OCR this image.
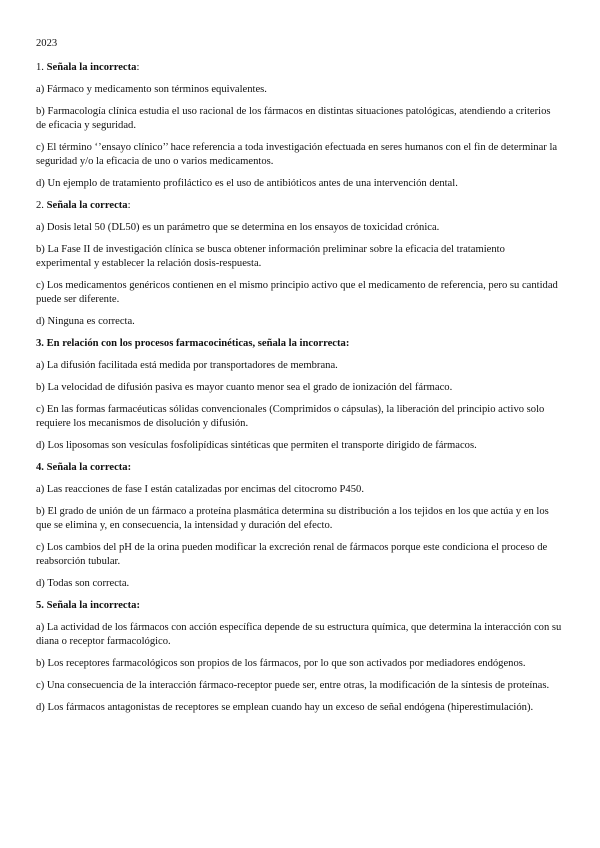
2023

1. Señala la incorrecta:

a) Fármaco y medicamento son términos equivalentes.

b) Farmacología clínica estudia el uso racional de los fármacos en distintas situaciones patológicas, atendiendo a criterios de eficacia y seguridad.

c) El término ‘’ensayo clínico’’ hace referencia a toda investigación efectuada en seres humanos con el fin de determinar la seguridad y/o la eficacia de uno o varios medicamentos.

d) Un ejemplo de tratamiento profiláctico es el uso de antibióticos antes de una intervención dental.

2. Señala la correcta:

a) Dosis letal 50 (DL50) es un parámetro que se determina en los ensayos de toxicidad crónica.

b) La Fase II de investigación clínica se busca obtener información preliminar sobre la eficacia del tratamiento experimental y establecer la relación dosis-respuesta.

c) Los medicamentos genéricos contienen en el mismo principio activo que el medicamento de referencia, pero su cantidad puede ser diferente.

d) Ninguna es correcta.

3. En relación con los procesos farmacocinéticas, señala la incorrecta:

a) La difusión facilitada está medida por transportadores de membrana.

b) La velocidad de difusión pasiva es mayor cuanto menor sea el grado de ionización del fármaco.

c) En las formas farmacéuticas sólidas convencionales (Comprimidos o cápsulas), la liberación del principio activo solo requiere los mecanismos de disolución y difusión.

d) Los liposomas son vesículas fosfolipídicas sintéticas que permiten el transporte dirigido de fármacos.

4. Señala la correcta:

a) Las reacciones de fase I están catalizadas por encimas del citocromo P450.

b) El grado de unión de un fármaco a proteína plasmática determina su distribución a los tejidos en los que actúa y en los que se elimina y, en consecuencia, la intensidad y duración del efecto.

c) Los cambios del pH de la orina pueden modificar la excreción renal de fármacos porque este condiciona el proceso de reabsorción tubular.

d) Todas son correcta.

5. Señala la incorrecta:

a) La actividad de los fármacos con acción específica depende de su estructura química, que determina la interacción con su diana o receptor farmacológico.

b) Los receptores farmacológicos son propios de los fármacos, por lo que son activados por mediadores endógenos.

c) Una consecuencia de la interacción fármaco-receptor puede ser, entre otras, la modificación de la síntesis de proteínas.

d) Los fármacos antagonistas de receptores se emplean cuando hay un exceso de señal endógena (hiperestimulación).
